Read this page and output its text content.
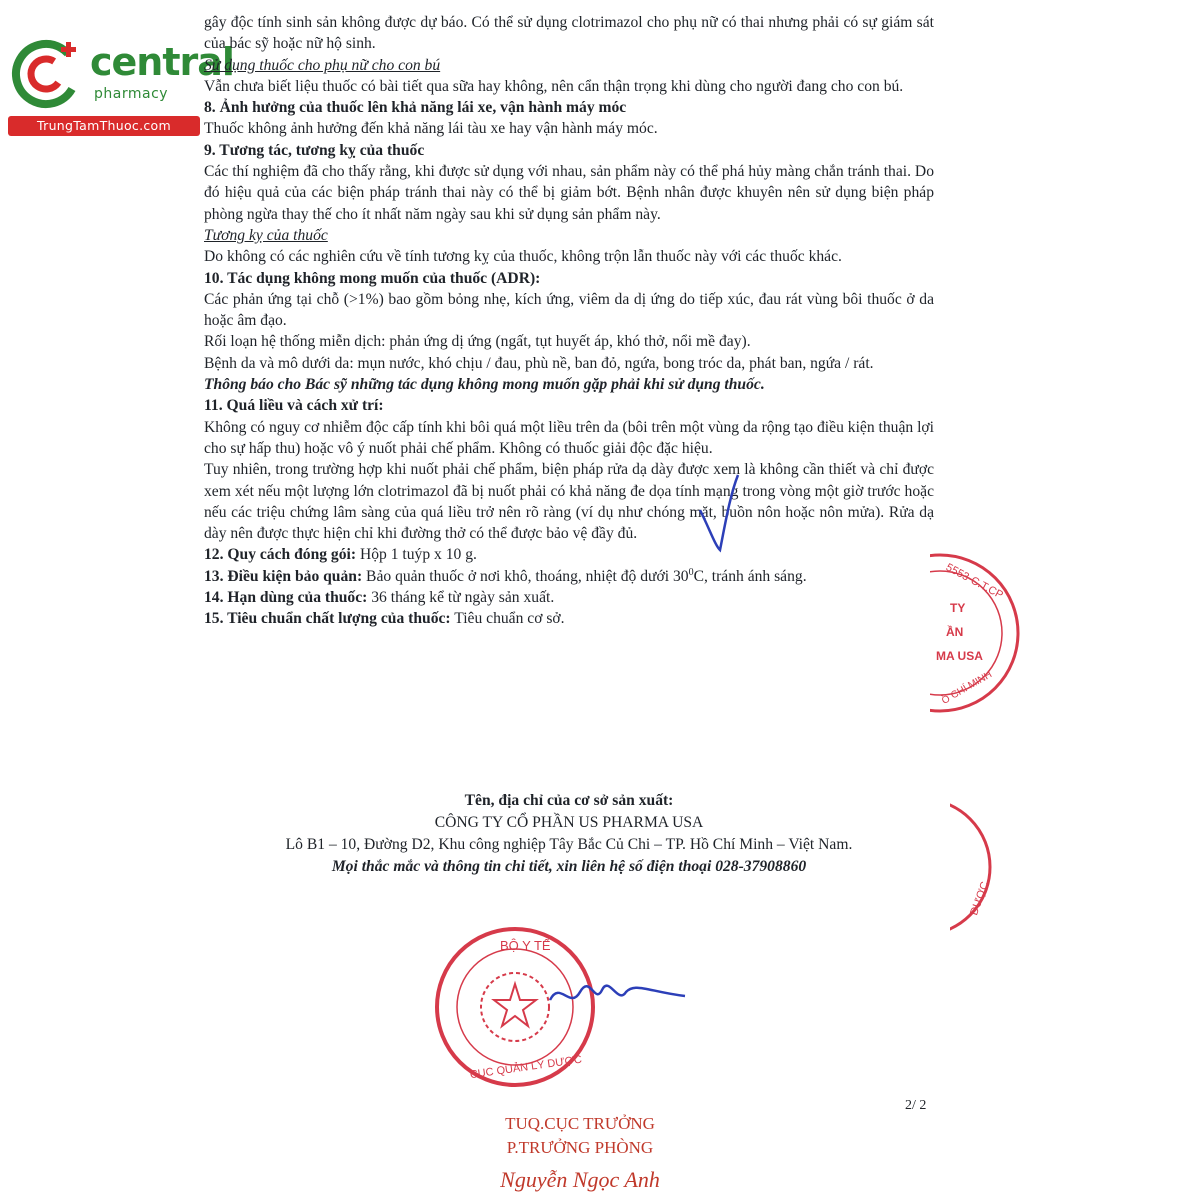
central
pharmacy
TrungTamThuoc.com

gây độc tính sinh sản không được dự báo. Có thể sử dụng clotrimazol cho phụ nữ có thai nhưng phải có sự giám sát của bác sỹ hoặc nữ hộ sinh.

Sử dụng thuốc cho phụ nữ cho con bú

Vẫn chưa biết liệu thuốc có bài tiết qua sữa hay không, nên cẩn thận trọng khi dùng cho người đang cho con bú.

8. Ảnh hưởng của thuốc lên khả năng lái xe, vận hành máy móc

Thuốc không ảnh hưởng đến khả năng lái tàu xe hay vận hành máy móc.

9. Tương tác, tương kỵ của thuốc

Các thí nghiệm đã cho thấy rằng, khi được sử dụng với nhau, sản phẩm này có thể phá hủy màng chắn tránh thai. Do đó hiệu quả của các biện pháp tránh thai này có thể bị giảm bớt. Bệnh nhân được khuyên nên sử dụng biện pháp phòng ngừa thay thế cho ít nhất năm ngày sau khi sử dụng sản phẩm này.

Tương kỵ của thuốc

Do không có các nghiên cứu về tính tương kỵ của thuốc, không trộn lẫn thuốc này với các thuốc khác.

10. Tác dụng không mong muốn của thuốc (ADR):

Các phản ứng tại chỗ (>1%) bao gồm bỏng nhẹ, kích ứng, viêm da dị ứng do tiếp xúc, đau rát vùng bôi thuốc ở da hoặc âm đạo.

Rối loạn hệ thống miễn dịch: phản ứng dị ứng (ngất, tụt huyết áp, khó thở, nổi mề đay).

Bệnh da và mô dưới da: mụn nước, khó chịu / đau, phù nề, ban đỏ, ngứa, bong tróc da, phát ban, ngứa / rát.

Thông báo cho Bác sỹ những tác dụng không mong muốn gặp phải khi sử dụng thuốc.

11. Quá liều và cách xử trí:

Không có nguy cơ nhiễm độc cấp tính khi bôi quá một liều trên da (bôi trên một vùng da rộng tạo điều kiện thuận lợi cho sự hấp thu) hoặc vô ý nuốt phải chế phẩm. Không có thuốc giải độc đặc hiệu.

Tuy nhiên, trong trường hợp khi nuốt phải chế phẩm, biện pháp rửa dạ dày được xem là không cần thiết và chỉ được xem xét nếu một lượng lớn clotrimazol đã bị nuốt phải có khả năng đe dọa tính mạng trong vòng một giờ trước hoặc nếu các triệu chứng lâm sàng của quá liều trở nên rõ ràng (ví dụ như chóng mặt, buồn nôn hoặc nôn mửa). Rửa dạ dày nên được thực hiện chỉ khi đường thở có thể được bảo vệ đầy đủ.

12. Quy cách đóng gói: Hộp 1 tuýp x 10 g.

13. Điều kiện bảo quản: Bảo quản thuốc ở nơi khô, thoáng, nhiệt độ dưới $30^0C$, tránh ánh sáng.

14. Hạn dùng của thuốc: 36 tháng kể từ ngày sản xuất.

15. Tiêu chuẩn chất lượng của thuốc: Tiêu chuẩn cơ sở.

Tên, địa chỉ của cơ sở sản xuất:

CÔNG TY CỔ PHẦN US PHARMA USA

Lô B1 – 10, Đường D2, Khu công nghiệp Tây Bắc Củ Chi – TP. Hồ Chí Minh – Việt Nam.

Mọi thắc mắc và thông tin chi tiết, xin liên hệ số điện thoại 028-37908860

5553-C.T.CP
TY
ẦN
MA USA
Ồ CHÍ MINH
DƯỢC
BỘ Y TẾ
CỤC QUẢN LÝ DƯỢC
2/ 2
TUQ.CỤC TRƯỞNG
P.TRƯỞNG PHÒNG
Nguyễn Ngọc Anh
